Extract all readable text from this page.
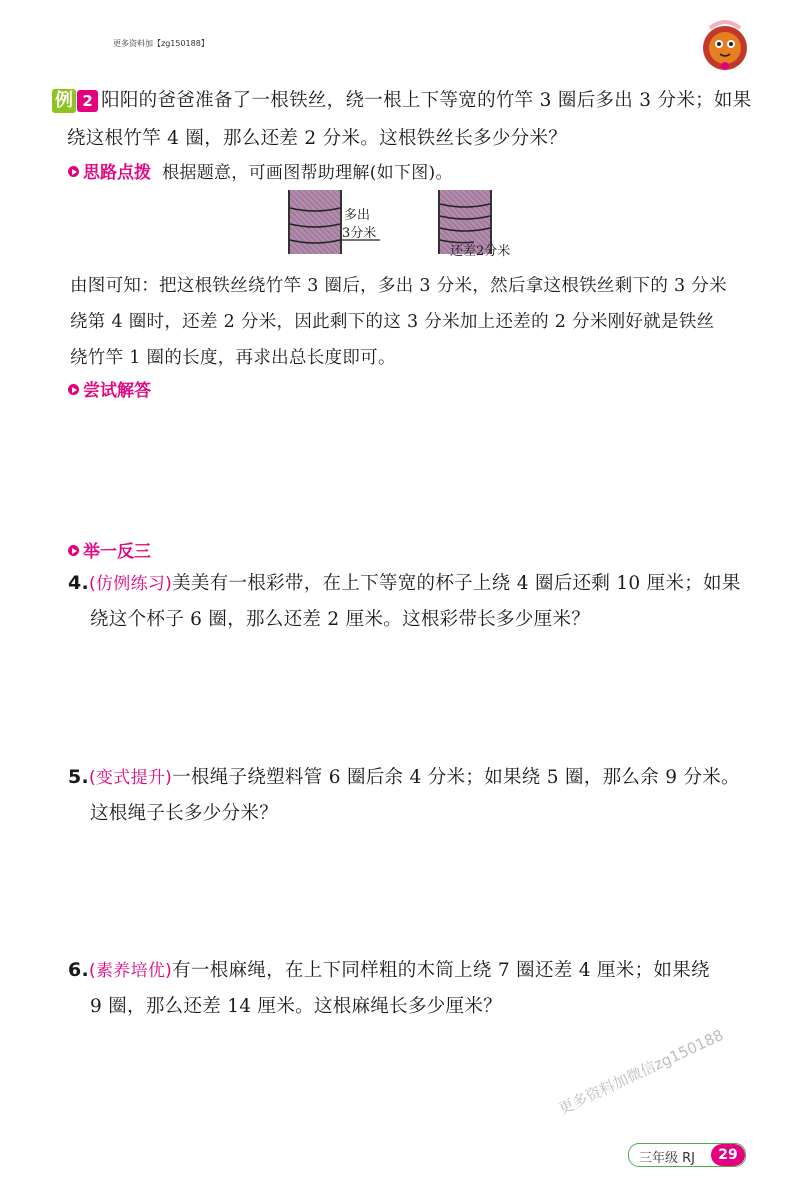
更多资料加【zg150188】
例 2 阳阳的爸爸准备了一根铁丝，绕一根上下等宽的竹竿 3 圈后多出 3 分米；如果
绕这根竹竿 4 圈，那么还差 2 分米。这根铁丝长多少分米？
思路点拨 根据题意，可画图帮助理解(如下图)。
多出
3分米
还差2分米
由图可知：把这根铁丝绕竹竿 3 圈后，多出 3 分米，然后拿这根铁丝剩下的 3 分米
绕第 4 圈时，还差 2 分米，因此剩下的这 3 分米加上还差的 2 分米刚好就是铁丝
绕竹竿 1 圈的长度，再求出总长度即可。
尝试解答
举一反三
4.(仿例练习)美美有一根彩带，在上下等宽的杯子上绕 4 圈后还剩 10 厘米；如果
绕这个杯子 6 圈，那么还差 2 厘米。这根彩带长多少厘米？
5.(变式提升)一根绳子绕塑料管 6 圈后余 4 分米；如果绕 5 圈，那么余 9 分米。
这根绳子长多少分米？
6.(素养培优)有一根麻绳，在上下同样粗的木筒上绕 7 圈还差 4 厘米；如果绕
9 圈，那么还差 14 厘米。这根麻绳长多少厘米？
更多资料加微信zg150188
三年级 RJ	29
